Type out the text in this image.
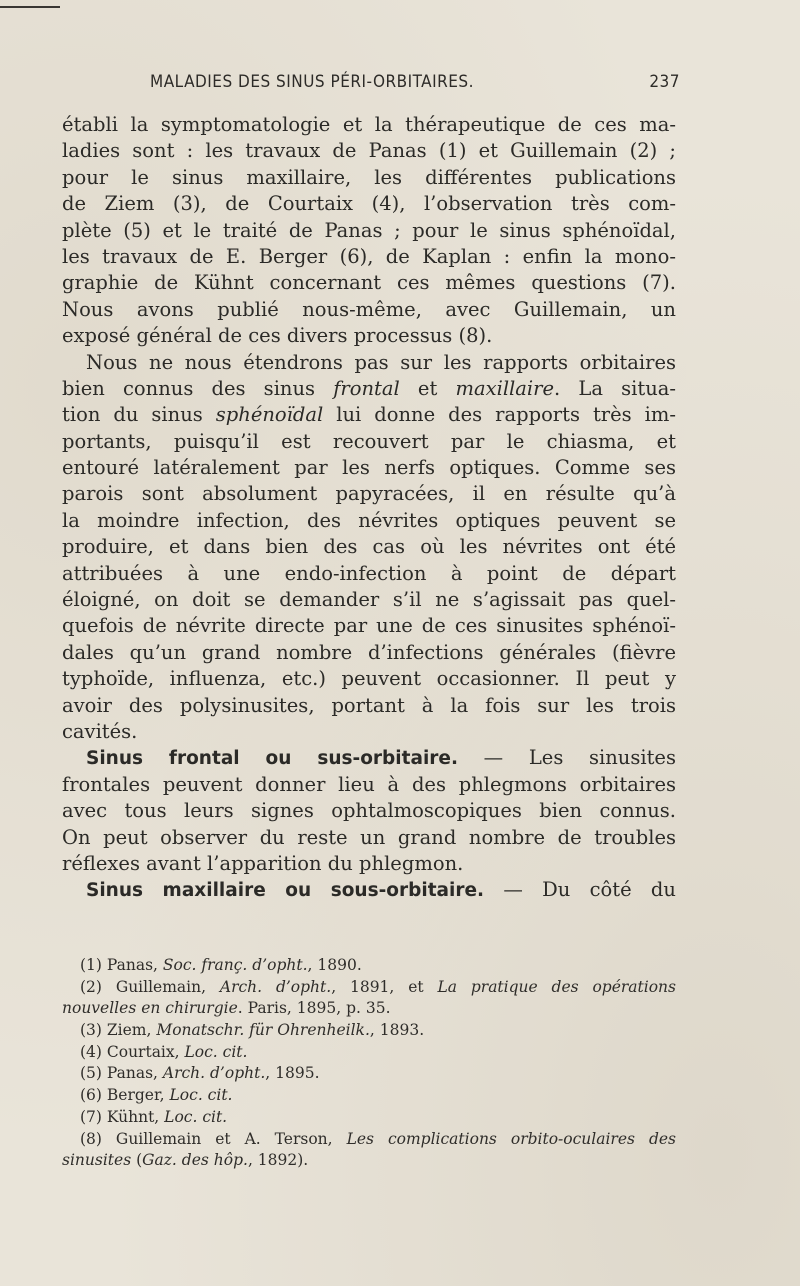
MALADIES DES SINUS PÉRI-ORBITAIRES.	237
établi la symptomatologie et la thérapeutique de ces ma-
ladies sont : les travaux de Panas (1) et Guillemain (2) ;
pour le sinus maxillaire, les différentes publications
de Ziem (3), de Courtaix (4), l’observation très com-
plète (5) et le traité de Panas ; pour le sinus sphénoïdal,
les travaux de E. Berger (6), de Kaplan : enfin la mono-
graphie de Kühnt concernant ces mêmes questions (7).
Nous avons publié nous-même, avec Guillemain, un
exposé général de ces divers processus (8).
Nous ne nous étendrons pas sur les rapports orbitaires
bien connus des sinus frontal et maxillaire. La situa-
tion du sinus sphénoïdal lui donne des rapports très im-
portants, puisqu’il est recouvert par le chiasma, et
entouré latéralement par les nerfs optiques. Comme ses
parois sont absolument papyracées, il en résulte qu’à
la moindre infection, des névrites optiques peuvent se
produire, et dans bien des cas où les névrites ont été
attribuées à une endo-infection à point de départ
éloigné, on doit se demander s’il ne s’agissait pas quel-
quefois de névrite directe par une de ces sinusites sphénoï-
dales qu’un grand nombre d’infections générales (fièvre
typhoïde, influenza, etc.) peuvent occasionner. Il peut y
avoir des polysinusites, portant à la fois sur les trois
cavités.
Sinus frontal ou sus-orbitaire. — Les sinusites
frontales peuvent donner lieu à des phlegmons orbitaires
avec tous leurs signes ophtalmoscopiques bien connus.
On peut observer du reste un grand nombre de troubles
réflexes avant l’apparition du phlegmon.
Sinus maxillaire ou sous-orbitaire. — Du côté du
(1) Panas, Soc. franç. d’opht., 1890.
(2) Guillemain, Arch. d’opht., 1891, et La pratique des opérations
nouvelles en chirurgie. Paris, 1895, p. 35.
(3) Ziem, Monatschr. für Ohrenheilk., 1893.
(4) Courtaix, Loc. cit.
(5) Panas, Arch. d’opht., 1895.
(6) Berger, Loc. cit.
(7) Kühnt, Loc. cit.
(8) Guillemain et A. Terson, Les complications orbito-oculaires des
sinusites (Gaz. des hôp., 1892).
